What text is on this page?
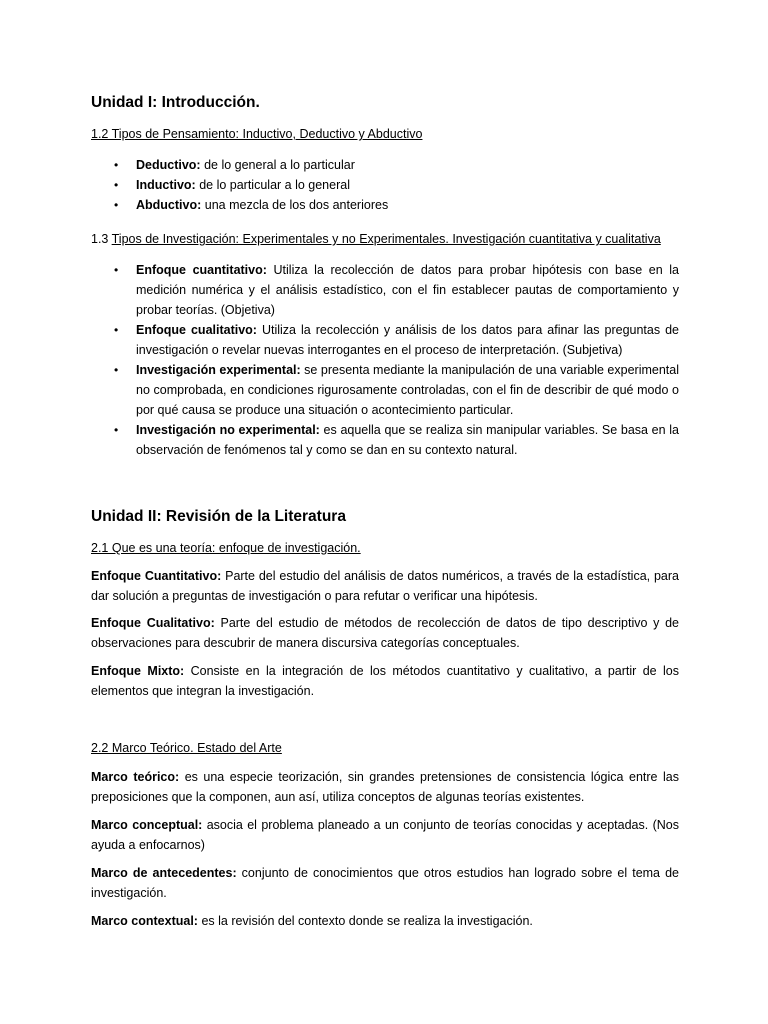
Unidad I: Introducción.
1.2 Tipos de Pensamiento: Inductivo, Deductivo y Abductivo
• Deductivo: de lo general a lo particular
• Inductivo: de lo particular a lo general
• Abductivo: una mezcla de los dos anteriores
1.3 Tipos de Investigación: Experimentales y no Experimentales. Investigación cuantitativa y cualitativa
• Enfoque cuantitativo: Utiliza la recolección de datos para probar hipótesis con base en la medición numérica y el análisis estadístico, con el fin establecer pautas de comportamiento y probar teorías. (Objetiva)
• Enfoque cualitativo: Utiliza la recolección y análisis de los datos para afinar las preguntas de investigación o revelar nuevas interrogantes en el proceso de interpretación. (Subjetiva)
• Investigación experimental: se presenta mediante la manipulación de una variable experimental no comprobada, en condiciones rigurosamente controladas, con el fin de describir de qué modo o por qué causa se produce una situación o acontecimiento particular.
• Investigación no experimental: es aquella que se realiza sin manipular variables. Se basa en la observación de fenómenos tal y como se dan en su contexto natural.
Unidad II: Revisión de la Literatura
2.1 Que es una teoría: enfoque de investigación.
Enfoque Cuantitativo: Parte del estudio del análisis de datos numéricos, a través de la estadística, para dar solución a preguntas de investigación o para refutar o verificar una hipótesis.
Enfoque Cualitativo: Parte del estudio de métodos de recolección de datos de tipo descriptivo y de observaciones para descubrir de manera discursiva categorías conceptuales.
Enfoque Mixto: Consiste en la integración de los métodos cuantitativo y cualitativo, a partir de los elementos que integran la investigación.
2.2 Marco Teórico. Estado del Arte
Marco teórico: es una especie teorización, sin grandes pretensiones de consistencia lógica entre las preposiciones que la componen, aun así, utiliza conceptos de algunas teorías existentes.
Marco conceptual: asocia el problema planeado a un conjunto de teorías conocidas y aceptadas. (Nos ayuda a enfocarnos)
Marco de antecedentes: conjunto de conocimientos que otros estudios han logrado sobre el tema de investigación.
Marco contextual: es la revisión del contexto donde se realiza la investigación.
